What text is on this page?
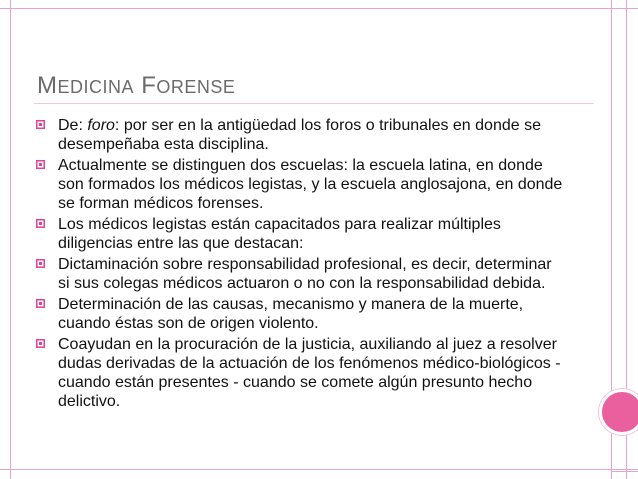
MEDICINA FORENSE
De: foro: por ser en la antigüedad los foros o tribunales en donde se desempeñaba esta disciplina.
Actualmente se distinguen dos escuelas: la escuela latina, en donde son formados los médicos legistas, y la escuela anglosajona, en donde se forman médicos forenses.
Los médicos legistas están capacitados para realizar múltiples diligencias entre las que destacan:
Dictaminación sobre responsabilidad profesional, es decir, determinar si sus colegas médicos actuaron o no con la responsabilidad debida.
Determinación de las causas, mecanismo y manera de la muerte, cuando éstas son de origen violento.
Coayudan en la procuración de la justicia, auxiliando al juez a resolver dudas derivadas de la actuación de los fenómenos médico-biológicos -cuando están presentes - cuando se comete algún presunto hecho delictivo.
